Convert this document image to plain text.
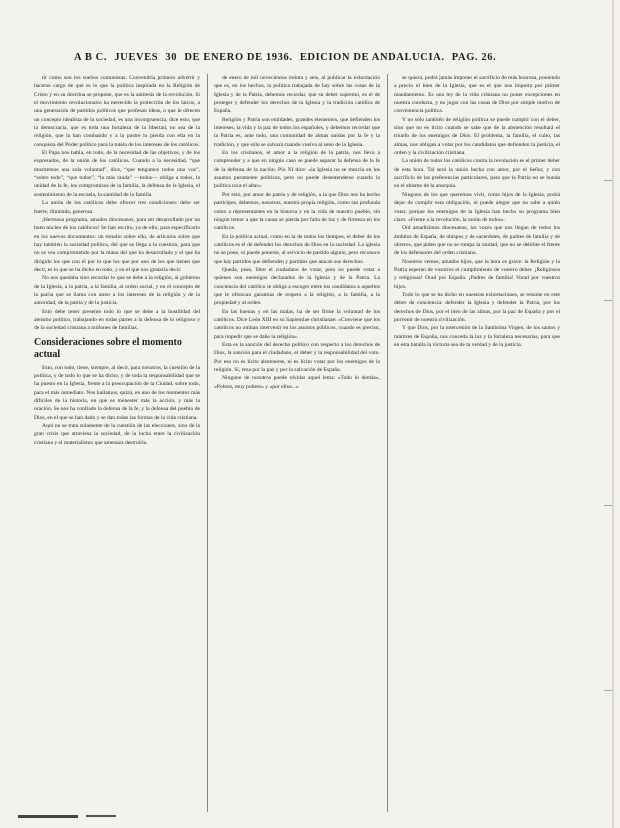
A B C. JUEVES 30 DE ENERO DE 1936. EDICION DE ANDALUCIA. PAG. 26.

tir como son los sueños comunistas. Convendría primero advertir y hacerse cargo de qué es lo que la política inspirada en la Religión de Cristo y en su doctrina se propone, que es la antítesis de la revolución. Si el movimiento revolucionario ha merecido la protección de los laicos, a una generación de partidos políticos que profesan ideas, o que le ofrecen un concepto idealista de la sociedad, es una incongruencia, dice esto, que la democracia, que es toda una fortaleza de la libertad, no sea de la religión, que la han combatido y a la postre lo pierda con ella en la conquista del Poder político para la tutela de los intereses de los católicos.

El Papa nos habla, en todo, de la necesidad de las objetivos, y de los expresados, de la unión de los católicos. Cuando a la necesidad, “que mostremos una sola voluntad”, dice, “que tengamos todos una voz”, “sobre todo”, “que todos”, “la más rauda” —todos— obliga a todos, la unidad de la fe, los compromisos de la familia, la defensa de la Iglesia, el sostenimiento de la escuela, la santidad de la familia.

La unión de los católicos debe ofrecer tres condiciones: debe ser fuerte, ilimitada, generosa.

¡Hermosa programa, amados diocesanos, para ser desarrollado por un buen núcleo de los católicos! Se han escrito, ya de ello, para especificarlo en los nuevos documentos: un estudio sobre ello, de artículos sobre que hay también la sociedad política, del que se llega a la cuestión, para que no se vea comprometido por la mano del que ha desarrollado y el que ha dirigido los que con él por lo que los que por uno de los que tienen que decir, es lo que se ha dicho en todo, y en el que nos gustaría decir.

No nos quedaba sino recordar lo que se debe a la religión, al gobierno de la Iglesia, a la patria, a la familia, al orden social, y en el concepto de la patria que se llama con amor a los intereses de la religión y de la autoridad, de la patria y de la justicia.

Esto debe tener presente todo lo que se debe a la hostilidad del ateísmo político, trabajando en todas partes a la defensa de lo religioso y de la sociedad cristiana a millones de familias.

Consideraciones sobre el momento actual

Esto, con todo, tiene, siempre, al decir, para nosotros, la cuestión de la política, y de todo lo que se ha dicho, y de toda la responsabilidad que se ha puesto en la Iglesia, frente a la preocupación de la Ciudad, sobre todo, para el más inmediato. Nos hallamos, quizá, en uno de los momentos más difíciles de la historia, en que es menester más la acción, y más la oración. Se nos ha confiado la defensa de la fe, y la defensa del pueblo de Dios, en el que se han dado y se dan todas las formas de la vida cristiana.

Aquí no se trata solamente de la cuestión de las elecciones, sino de la gran crisis que atraviesa la sociedad, de la lucha entre la civilización cristiana y el materialismo que amenaza destruirla.

de enero de mil novecientos treinta y seis, al publicar la exhortación que es, en los hechos, la política trabajada de hay sobre las cosas de la Iglesia y de la Patria, debemos recordar, que su deber supremo, es el de proteger y defender los derechos de la Iglesia y la tradición católica de España.

Religión y Patria son entidades, grandes elementos, que defienden los intereses, la vida y la paz de todos los españoles, y debemos recordar que la Patria es, ante todo, una comunidad de almas unidas por la fe y la tradición, y que sólo se salvará cuando vuelva al seno de la Iglesia.

En los cristianos, el amor a la religión de la patria, nos lleva a comprender y a que en ningún caso se puede separar la defensa de la fe de la defensa de la nación. Pío XI dice: «la Iglesia no se mezcla en los asuntos puramente políticos, pero no puede desentenderse cuando la política toca el altar».

Por esto, por amor de patria y de religión, a la que Dios nos ha hecho partícipes, debemos, nosotros, nuestra propia religión, como tan profunda como a representantes en la historia y en la vida de nuestro pueblo, sin ningún temor a que la causa se pierda por falta de luz y de firmeza en los católicos.

En la política actual, como en la de todos los tiempos, el deber de los católicos es el de defender los derechos de Dios en la sociedad. La iglesia no se pone, ni puede ponerse, al servicio de partido alguno, pero reconoce que hay partidos que defienden y partidos que atacan sus derechos.

Queda, pues, libre el ciudadano de votar, pero no puede votar a quienes son enemigos declarados de la Iglesia y de la Patria. La conciencia del católico le obliga a escoger entre los candidatos a aquellos que le ofrezcan garantías de respeto a la religión, a la familia, a la propiedad y al orden.

En las buenas y en las malas, ha de ser firme la voluntad de los católicos. Dice León XIII en su Sapientiae christianae: «Conviene que los católicos no omitan intervenir en los asuntos públicos, cuando es preciso, para impedir que se dañe la religión».

Esta es la sanción del derecho político con respecto a los derechos de Dios, la sanción para el ciudadano, el deber y la responsabilidad del voto. Por eso no es lícito abstenerse, ni es lícito votar por los enemigos de la religión. Sí, reza por la paz y por la salvación de España.

Ninguno de nosotros puede olvidar aquel lema: «Todo lo demás», «Pobres, muy pobres» y «por ellos...»

se quiera, podrá jamás imponer el sacrificio de más honrosa, poniendo a precio el bien de la Iglesia, que es el que nos importa por primer mandamiento. Es una ley de la vida cristiana no poner excepciones en nuestra conducta, y no jugar con las cosas de Dios por simple motivo de conveniencia política.

Y no sólo también de religión política se puede cumplir con el deber, sino que no es lícito cuando se sabe que de la abstención resultará el triunfo de los enemigos de Dios. El problema, la familia, el culto, las almas, nos obligan a votar por los candidatos que defienden la justicia, el orden y la civilización cristiana.

La unión de todos los católicos contra la revolución es el primer deber de esta hora. Tal será la unión hecha con amor, por el Señor, y con sacrificio de las preferencias particulares, para que la Patria no se hunda en el abismo de la anarquía.

Ninguno de los que queremos vivir, como hijos de la Iglesia, podrá dejar de cumplir esta obligación, ni puede alegar que no sabe a quién votar, porque los enemigos de la Iglesia han hecho su programa bien claro. «Frente a la revolución, la unión de todos».

Oíd amadísimos diocesanos, las voces que nos llegan de todos los ámbitos de España, de obispos y de sacerdotes, de padres de familia y de obreros, que piden que no se rompa la unidad, que no se debilite el frente de los defensores del orden cristiano.

Nosotros vemos, amados hijos, que la hora es grave: la Religión y la Patria esperan de vosotros el cumplimiento de vuestro deber. ¡Religiosos y religiosas! Orad por España. ¡Padres de familia! Votad por vuestros hijos.

Todo lo que se ha dicho en nuestras exhortaciones, se resume en este deber de conciencia: defender la Iglesia y defender la Patria, por los derechos de Dios, por el bien de las almas, por la paz de España y por el porvenir de nuestra civilización.

Y que Dios, por la intercesión de la Santísima Virgen, de los santos y mártires de España, nos conceda la luz y la fortaleza necesarias, para que en esta batalla la victoria sea de la verdad y de la justicia.
